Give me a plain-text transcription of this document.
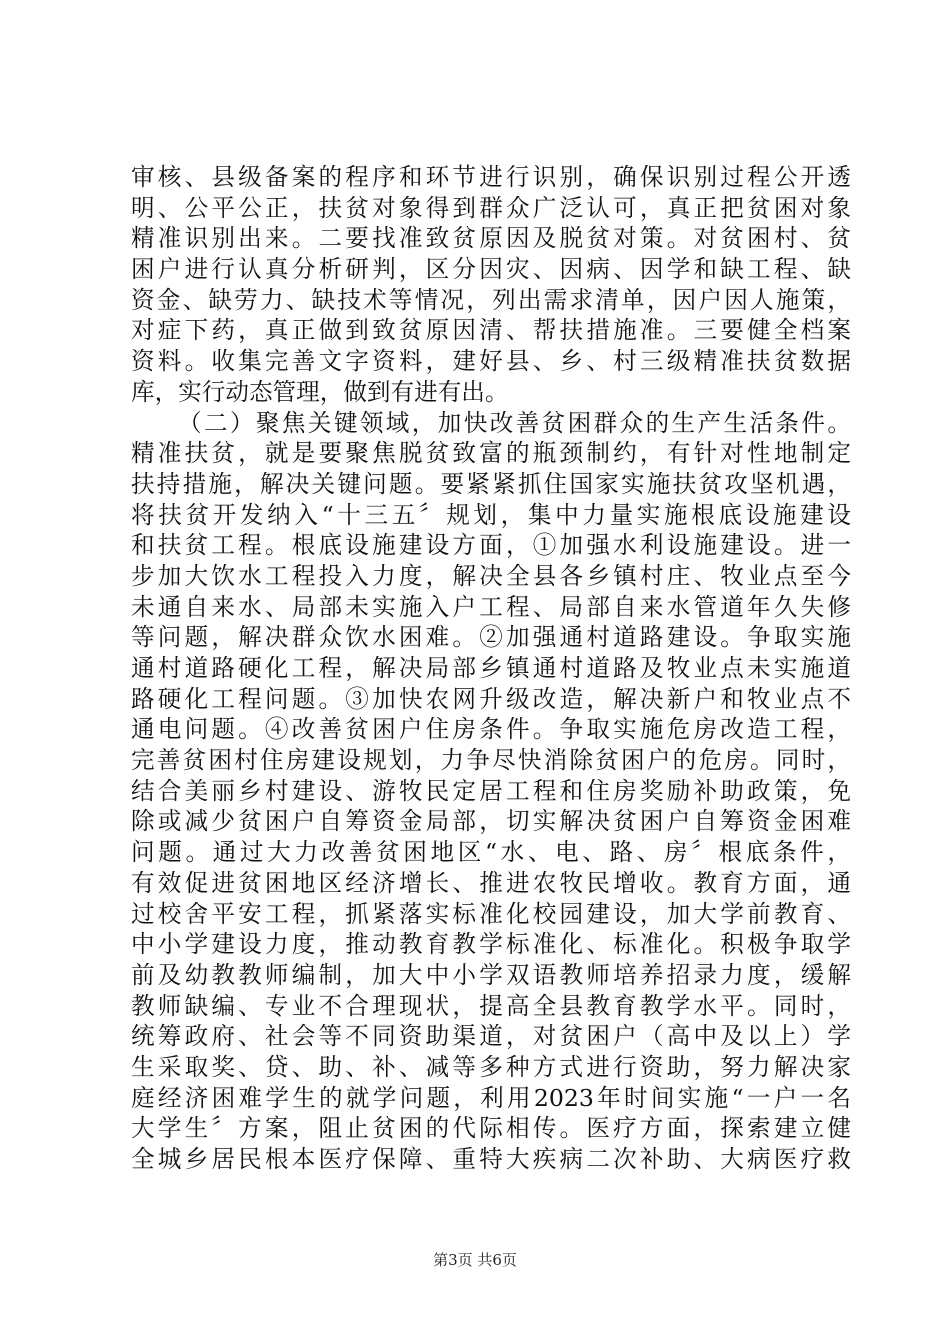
审核、县级备案的程序和环节进行识别，确保识别过程公开透
明、公平公正，扶贫对象得到群众广泛认可，真正把贫困对象
精准识别出来。二要找准致贫原因及脱贫对策。对贫困村、贫
困户进行认真分析研判，区分因灾、因病、因学和缺工程、缺
资金、缺劳力、缺技术等情况，列出需求清单，因户因人施策，
对症下药，真正做到致贫原因清、帮扶措施准。三要健全档案
资料。收集完善文字资料，建好县、乡、村三级精准扶贫数据
库，实行动态管理，做到有进有出。
（二）聚焦关键领域，加快改善贫困群众的生产生活条件。
精准扶贫，就是要聚焦脱贫致富的瓶颈制约，有针对性地制定
扶持措施，解决关键问题。要紧紧抓住国家实施扶贫攻坚机遇，
将扶贫开发纳入“十三五〞规划，集中力量实施根底设施建设
和扶贫工程。根底设施建设方面，①加强水利设施建设。进一
步加大饮水工程投入力度，解决全县各乡镇村庄、牧业点至今
未通自来水、局部未实施入户工程、局部自来水管道年久失修
等问题，解决群众饮水困难。②加强通村道路建设。争取实施
通村道路硬化工程，解决局部乡镇通村道路及牧业点未实施道
路硬化工程问题。③加快农网升级改造，解决新户和牧业点不
通电问题。④改善贫困户住房条件。争取实施危房改造工程，
完善贫困村住房建设规划，力争尽快消除贫困户的危房。同时，
结合美丽乡村建设、游牧民定居工程和住房奖励补助政策，免
除或减少贫困户自筹资金局部，切实解决贫困户自筹资金困难
问题。通过大力改善贫困地区“水、电、路、房〞根底条件，
有效促进贫困地区经济增长、推进农牧民增收。教育方面，通
过校舍平安工程，抓紧落实标准化校园建设，加大学前教育、
中小学建设力度，推动教育教学标准化、标准化。积极争取学
前及幼教教师编制，加大中小学双语教师培养招录力度，缓解
教师缺编、专业不合理现状，提高全县教育教学水平。同时，
统筹政府、社会等不同资助渠道，对贫困户（高中及以上）学
生采取奖、贷、助、补、减等多种方式进行资助，努力解决家
庭经济困难学生的就学问题，利用2023年时间实施“一户一名
大学生〞方案，阻止贫困的代际相传。医疗方面，探索建立健
全城乡居民根本医疗保障、重特大疾病二次补助、大病医疗救
第3页 共6页
